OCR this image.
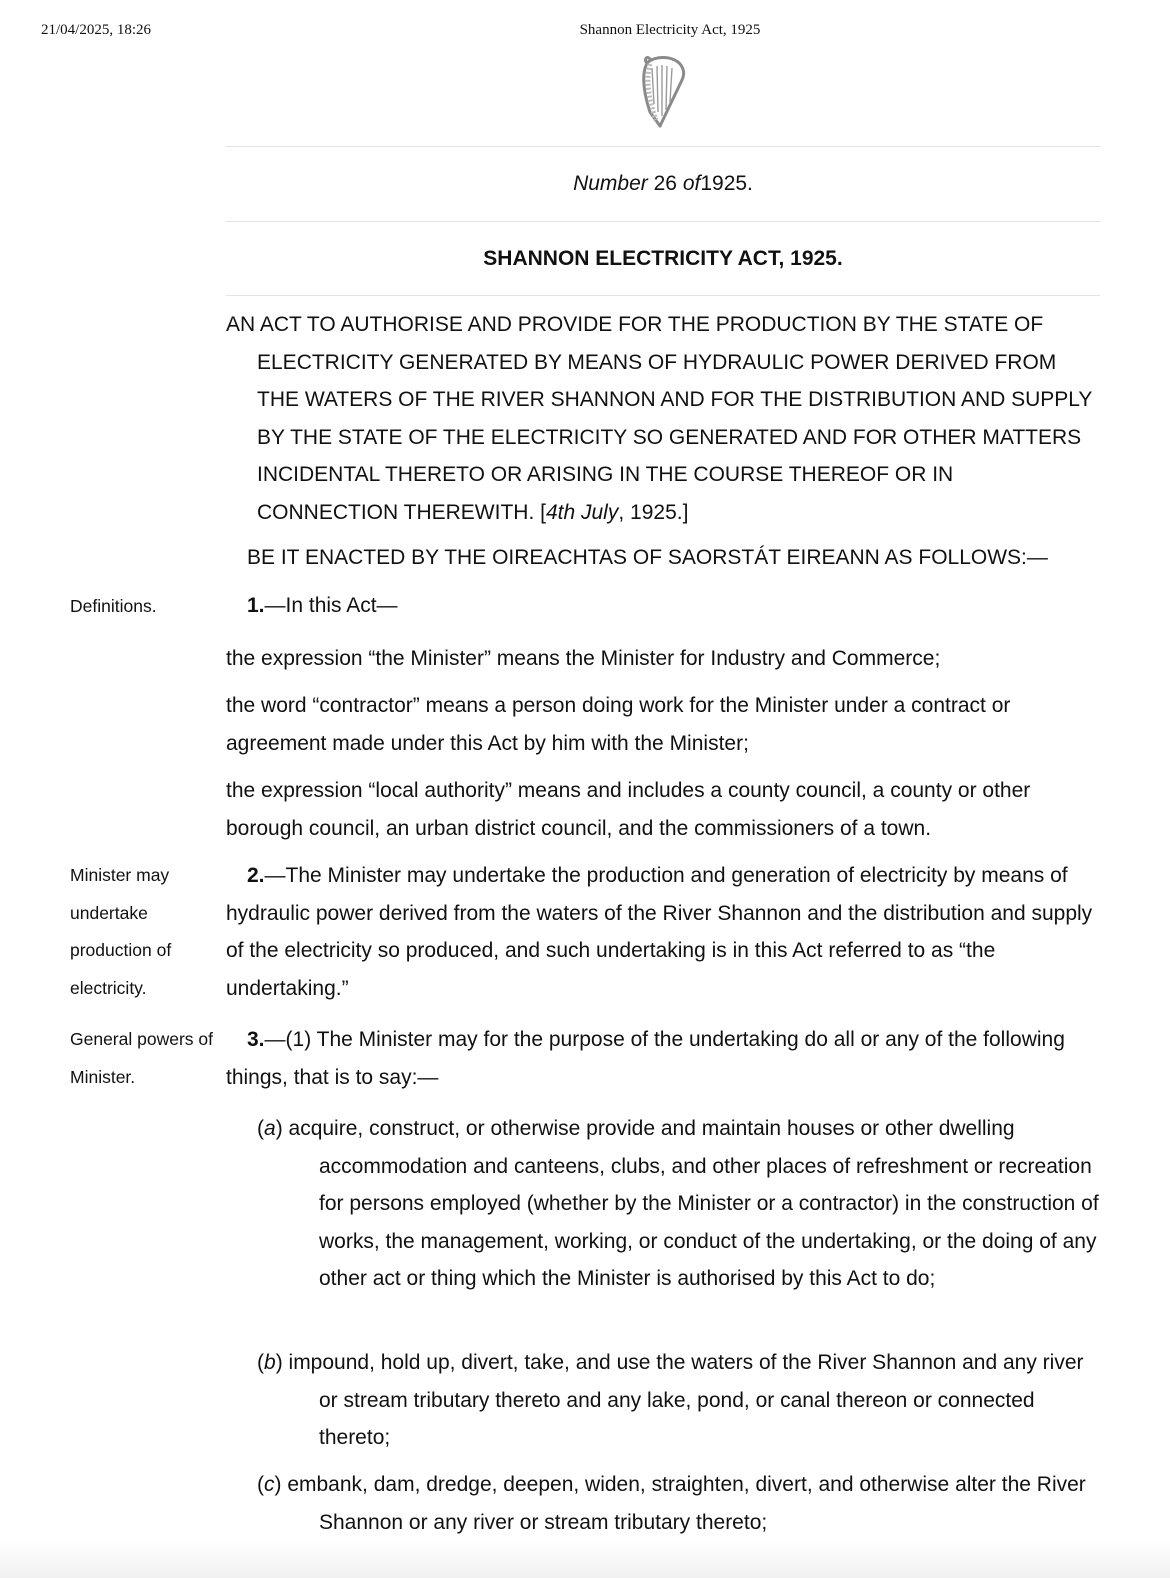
21/04/2025, 18:26	Shannon Electricity Act, 1925
Number 26 of1925.
SHANNON ELECTRICITY ACT, 1925.
AN ACT TO AUTHORISE AND PROVIDE FOR THE PRODUCTION BY THE STATE OF ELECTRICITY GENERATED BY MEANS OF HYDRAULIC POWER DERIVED FROM THE WATERS OF THE RIVER SHANNON AND FOR THE DISTRIBUTION AND SUPPLY BY THE STATE OF THE ELECTRICITY SO GENERATED AND FOR OTHER MATTERS INCIDENTAL THERETO OR ARISING IN THE COURSE THEREOF OR IN CONNECTION THEREWITH. [4th July, 1925.]
BE IT ENACTED BY THE OIREACHTAS OF SAORSTÁT EIREANN AS FOLLOWS:—
Definitions.	1.—In this Act—
the expression “the Minister” means the Minister for Industry and Commerce;
the word “contractor” means a person doing work for the Minister under a contract or agreement made under this Act by him with the Minister;
the expression “local authority” means and includes a county council, a county or other borough council, an urban district council, and the commissioners of a town.
Minister may undertake production of electricity.
2.—The Minister may undertake the production and generation of electricity by means of hydraulic power derived from the waters of the River Shannon and the distribution and supply of the electricity so produced, and such undertaking is in this Act referred to as “the undertaking.”
General powers of Minister.
3.—(1) The Minister may for the purpose of the undertaking do all or any of the following things, that is to say:—
(a) acquire, construct, or otherwise provide and maintain houses or other dwelling accommodation and canteens, clubs, and other places of refreshment or recreation for persons employed (whether by the Minister or a contractor) in the construction of works, the management, working, or conduct of the undertaking, or the doing of any other act or thing which the Minister is authorised by this Act to do;
(b) impound, hold up, divert, take, and use the waters of the River Shannon and any river or stream tributary thereto and any lake, pond, or canal thereon or connected thereto;
(c) embank, dam, dredge, deepen, widen, straighten, divert, and otherwise alter the River Shannon or any river or stream tributary thereto;
